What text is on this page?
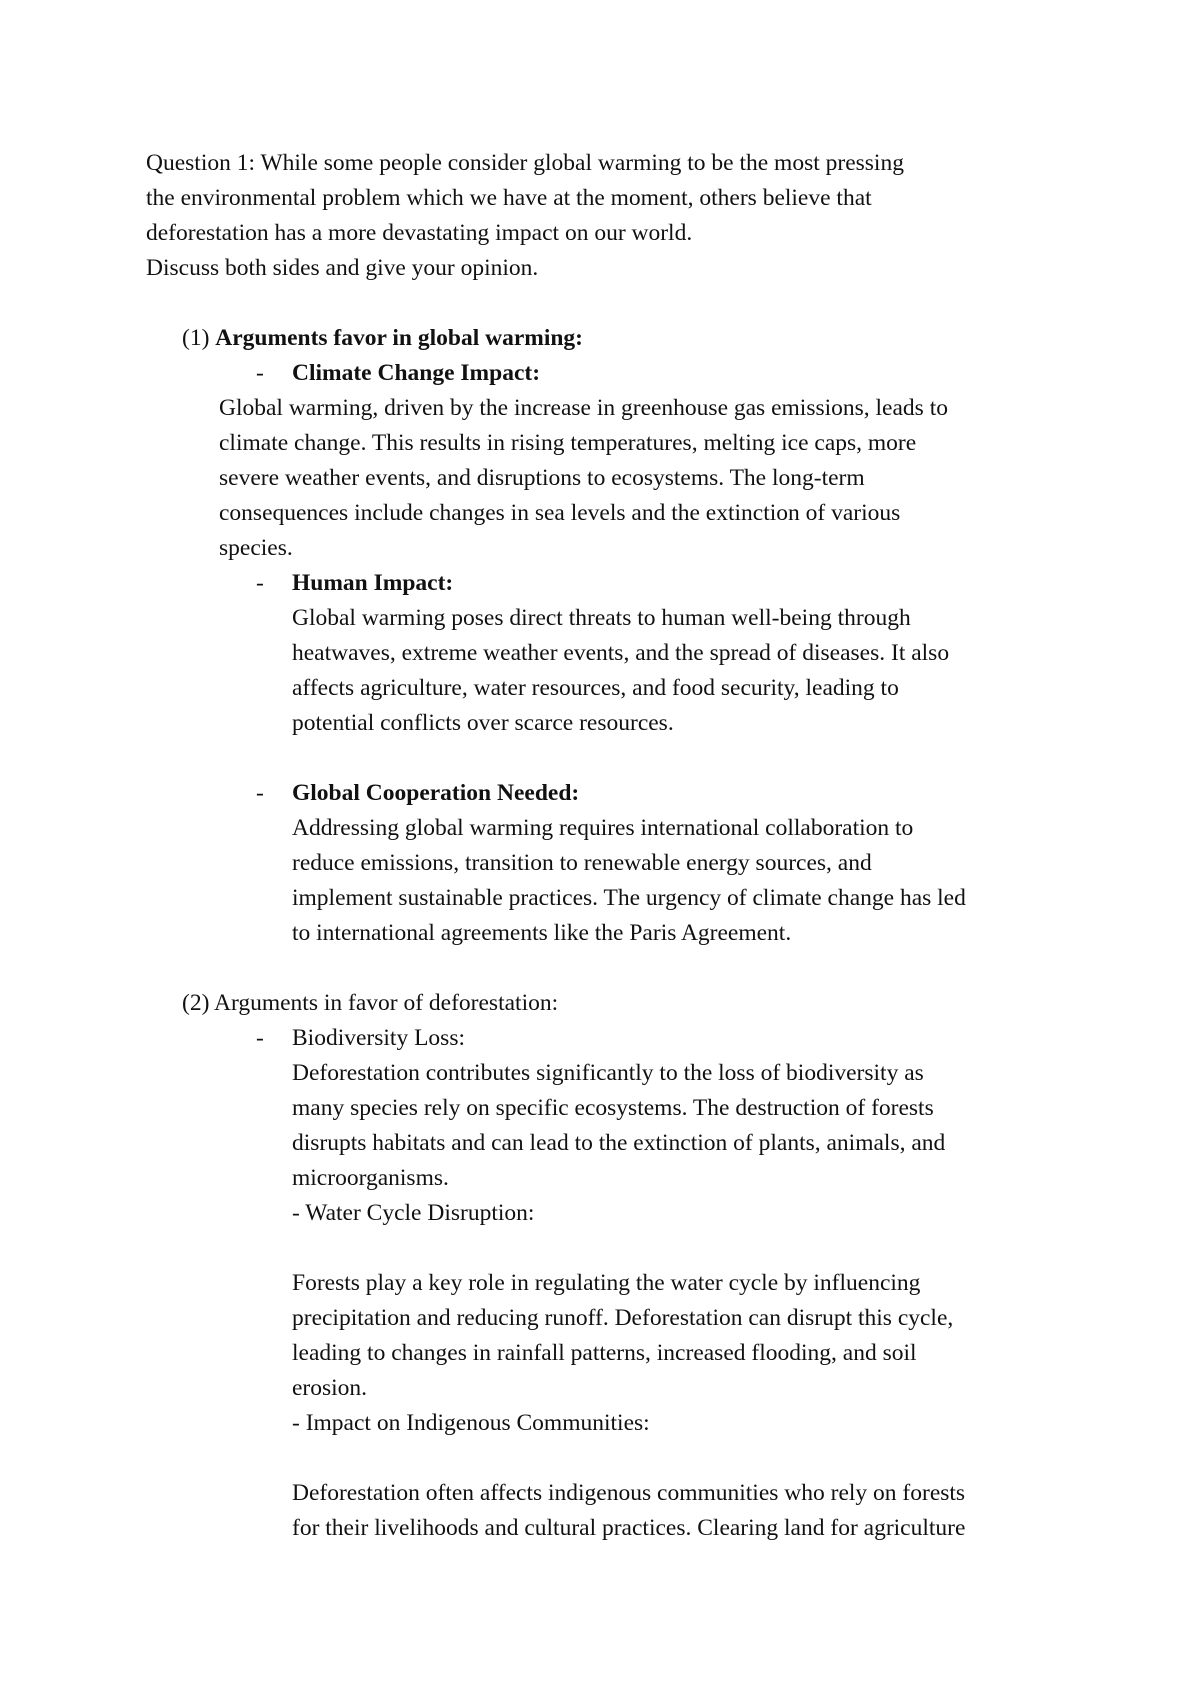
Question 1: While some people consider global warming to be the most pressing

the environmental problem which we have at the moment, others believe that

deforestation has a more devastating impact on our world.

Discuss both sides and give your opinion.

(1) Arguments favor in global warming:

-	Climate Change Impact:

Global warming, driven by the increase in greenhouse gas emissions, leads to

climate change. This results in rising temperatures, melting ice caps, more

severe weather events, and disruptions to ecosystems. The long-term

consequences include changes in sea levels and the extinction of various

species.

-	Human Impact:

Global warming poses direct threats to human well-being through

heatwaves, extreme weather events, and the spread of diseases. It also

affects agriculture, water resources, and food security, leading to

potential conflicts over scarce resources.

-	Global Cooperation Needed:

Addressing global warming requires international collaboration to

reduce emissions, transition to renewable energy sources, and

implement sustainable practices. The urgency of climate change has led

to international agreements like the Paris Agreement.

(2) Arguments in favor of deforestation:

-	Biodiversity Loss:

Deforestation contributes significantly to the loss of biodiversity as

many species rely on specific ecosystems. The destruction of forests

disrupts habitats and can lead to the extinction of plants, animals, and

microorganisms.

- Water Cycle Disruption:

Forests play a key role in regulating the water cycle by influencing

precipitation and reducing runoff. Deforestation can disrupt this cycle,

leading to changes in rainfall patterns, increased flooding, and soil

erosion.

- Impact on Indigenous Communities:

Deforestation often affects indigenous communities who rely on forests

for their livelihoods and cultural practices. Clearing land for agriculture
